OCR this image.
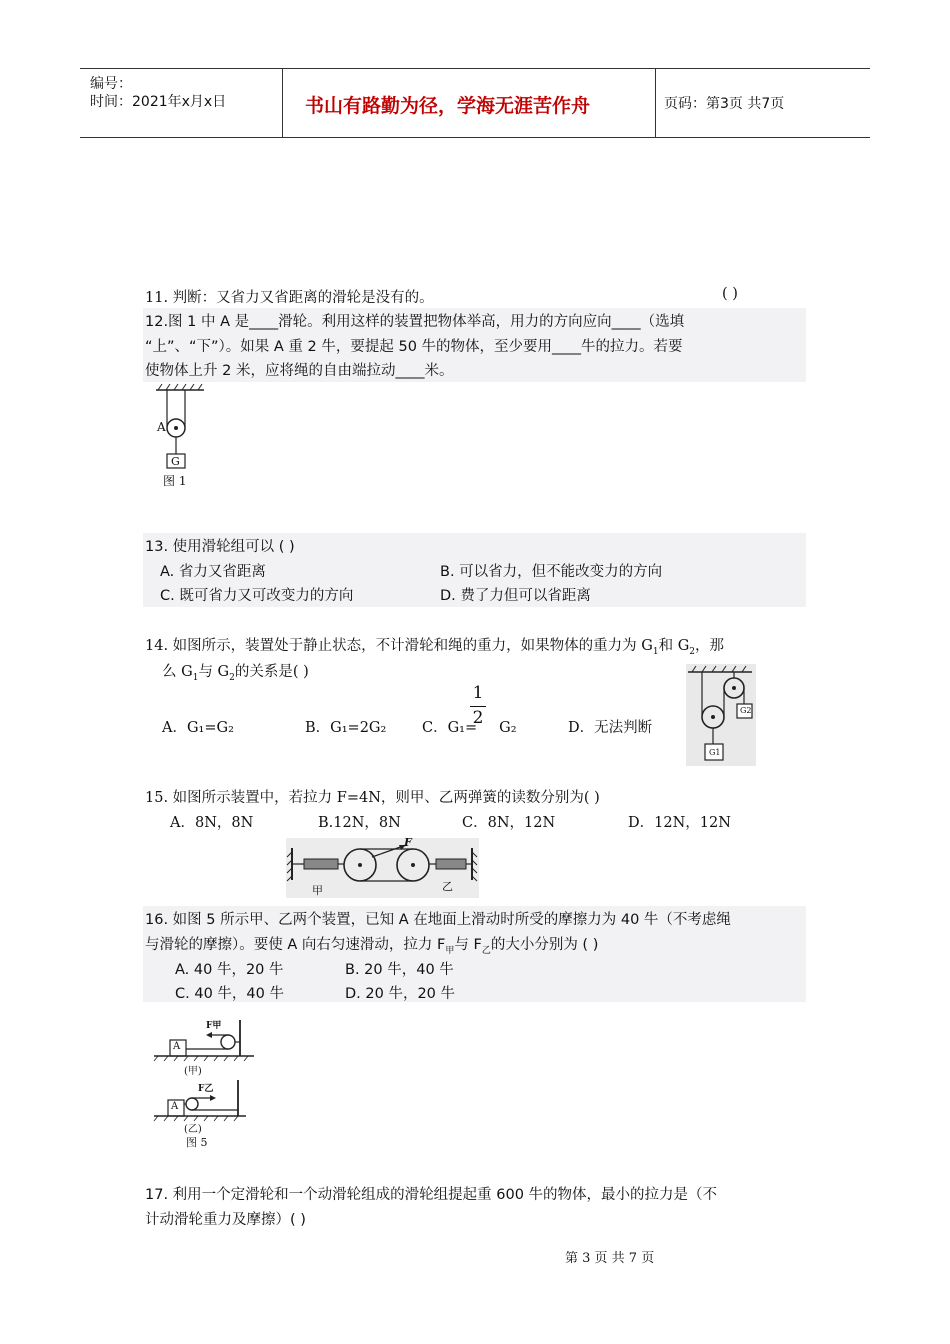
编号：
时间：2021年x月x日	书山有路勤为径，学海无涯苦作舟	页码：第3页 共7页
11. 判断：又省力又省距离的滑轮是没有的。	( )
12.图 1 中 A 是____滑轮。利用这样的装置把物体举高，用力的方向应向____（选填
“上”、“下”）。如果 A 重 2 牛，要提起 50 牛的物体，至少要用____牛的拉力。若要
使物体上升 2 米，应将绳的自由端拉动____米。
A
G
图 1
13. 使用滑轮组可以 ( )
A. 省力又省距离	B. 可以省力，但不能改变力的方向
C. 既可省力又可改变力的方向	D. 费了力但可以省距离
14. 如图所示，装置处于静止状态，不计滑轮和绳的重力，如果物体的重力为 $G_1$和 $G_2$，那
么 $G_1$与 $G_2$的关系是( )
A．G₁=G₂	B．G₁=2G₂ C．G₁= G₂
1
2	D．无法判断
G2
G1
15. 如图所示装置中，若拉力 F=4N，则甲、乙两弹簧的读数分别为( )
A．8N，8N	B.12N，8N	C．8N，12N	D．12N，12N
F
甲	乙
16. 如图 5 所示甲、乙两个装置，已知 A 在地面上滑动时所受的摩擦力为 40 牛（不考虑绳
与滑轮的摩擦）。要使 A 向右匀速滑动，拉力 $F_甲$与 $F_乙$的大小分别为 ( )
A. 40 牛，20 牛	B. 20 牛，40 牛
C. 40 牛，40 牛	D. 20 牛，20 牛
F甲
A
(甲)
F乙
A
(乙)
图 5
17. 利用一个定滑轮和一个动滑轮组成的滑轮组提起重 600 牛的物体，最小的拉力是（不
计动滑轮重力及摩擦）( )
第 3 页 共 7 页
